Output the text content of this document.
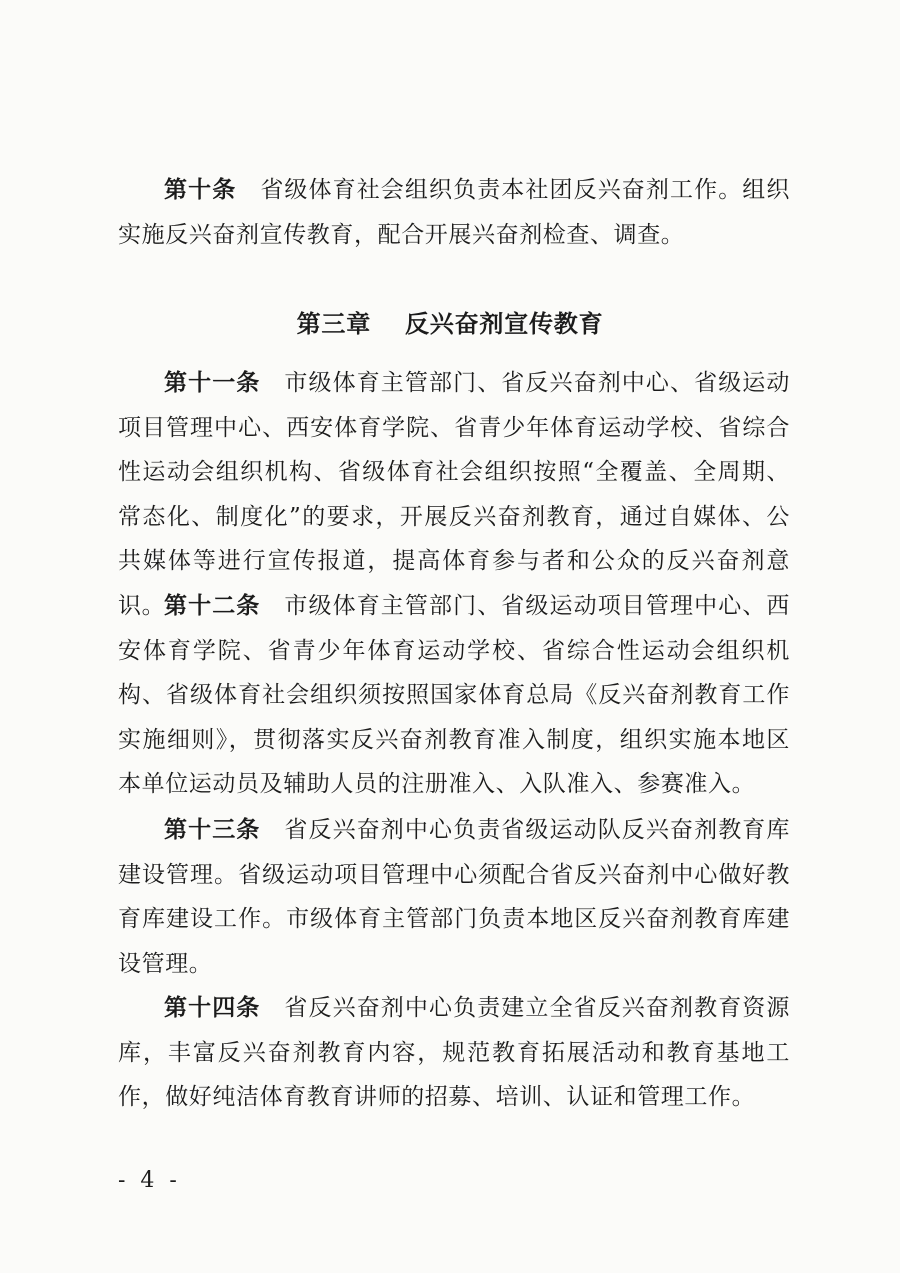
第十条 省级体育社会组织负责本社团反兴奋剂工作。组织实施反兴奋剂宣传教育，配合开展兴奋剂检查、调查。
第三章 反兴奋剂宣传教育
第十一条 市级体育主管部门、省反兴奋剂中心、省级运动项目管理中心、西安体育学院、省青少年体育运动学校、省综合性运动会组织机构、省级体育社会组织按照“全覆盖、全周期、常态化、制度化”的要求，开展反兴奋剂教育，通过自媒体、公共媒体等进行宣传报道，提高体育参与者和公众的反兴奋剂意识。
第十二条 市级体育主管部门、省级运动项目管理中心、西安体育学院、省青少年体育运动学校、省综合性运动会组织机构、省级体育社会组织须按照国家体育总局《反兴奋剂教育工作实施细则》，贯彻落实反兴奋剂教育准入制度，组织实施本地区本单位运动员及辅助人员的注册准入、入队准入、参赛准入。
第十三条 省反兴奋剂中心负责省级运动队反兴奋剂教育库建设管理。省级运动项目管理中心须配合省反兴奋剂中心做好教育库建设工作。市级体育主管部门负责本地区反兴奋剂教育库建设管理。
第十四条 省反兴奋剂中心负责建立全省反兴奋剂教育资源库，丰富反兴奋剂教育内容，规范教育拓展活动和教育基地工作，做好纯洁体育教育讲师的招募、培训、认证和管理工作。
- 4 -
